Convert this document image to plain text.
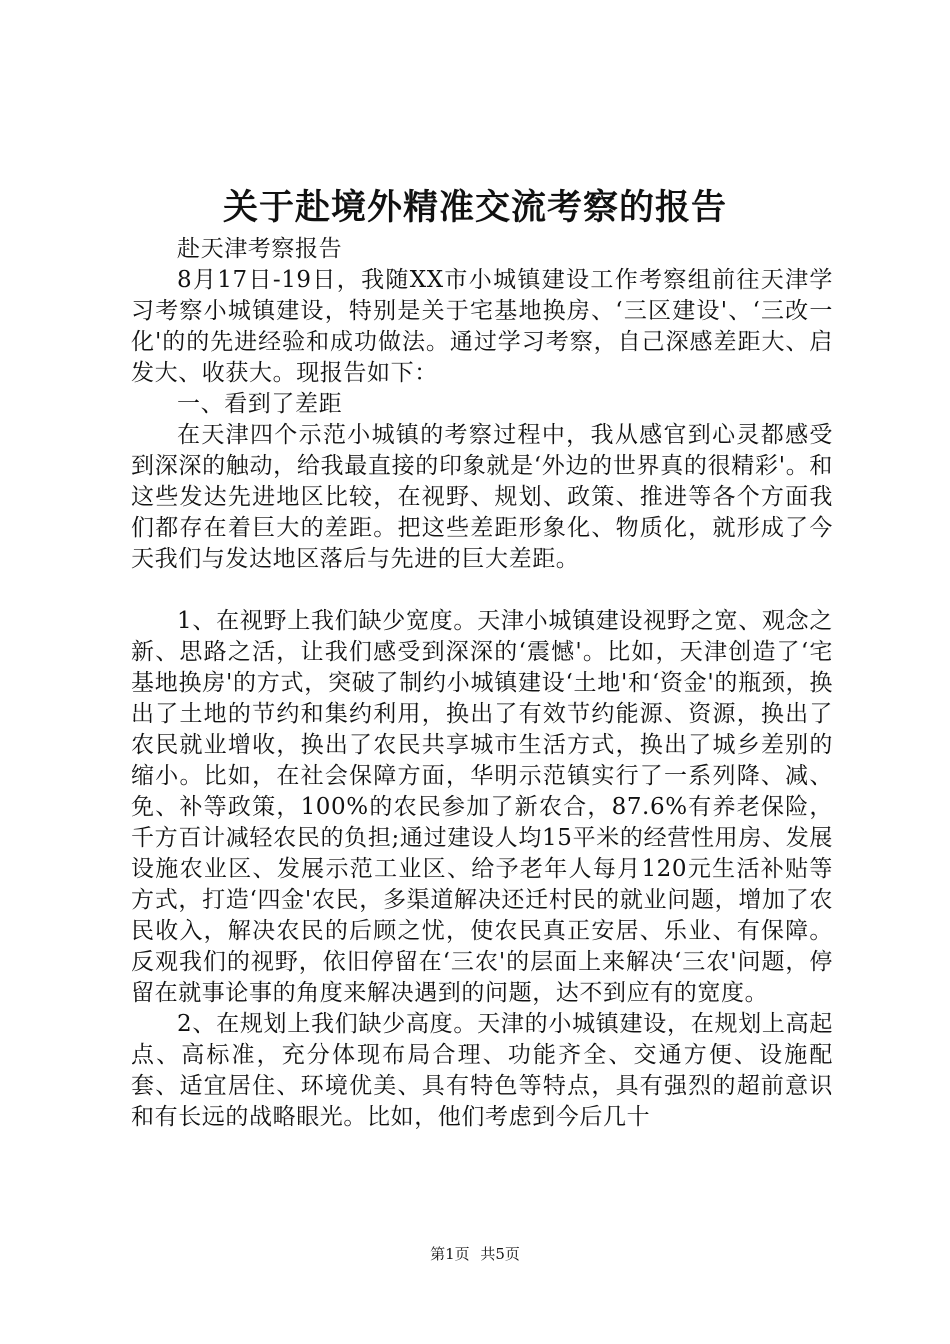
关于赴境外精准交流考察的报告

赴天津考察报告

8月17日-19日，我随XX市小城镇建设工作考察组前往天津学习考察小城镇建设，特别是关于宅基地换房、‘三区建设'、‘三改一化'的的先进经验和成功做法。通过学习考察，自己深感差距大、启发大、收获大。现报告如下：

一、看到了差距

在天津四个示范小城镇的考察过程中，我从感官到心灵都感受到深深的触动，给我最直接的印象就是‘外边的世界真的很精彩'。和这些发达先进地区比较，在视野、规划、政策、推进等各个方面我们都存在着巨大的差距。把这些差距形象化、物质化，就形成了今天我们与发达地区落后与先进的巨大差距。

1、在视野上我们缺少宽度。天津小城镇建设视野之宽、观念之新、思路之活，让我们感受到深深的‘震憾'。比如，天津创造了‘宅基地换房'的方式，突破了制约小城镇建设‘土地'和‘资金'的瓶颈，换出了土地的节约和集约利用，换出了有效节约能源、资源，换出了农民就业增收，换出了农民共享城市生活方式，换出了城乡差别的缩小。比如，在社会保障方面，华明示范镇实行了一系列降、减、免、补等政策，100%的农民参加了新农合，87.6%有养老保险，千方百计减轻农民的负担;通过建设人均15平米的经营性用房、发展设施农业区、发展示范工业区、给予老年人每月120元生活补贴等方式，打造‘四金'农民，多渠道解决还迁村民的就业问题，增加了农民收入，解决农民的后顾之忧，使农民真正安居、乐业、有保障。反观我们的视野，依旧停留在‘三农'的层面上来解决‘三农'问题，停留在就事论事的角度来解决遇到的问题，达不到应有的宽度。

2、在规划上我们缺少高度。天津的小城镇建设，在规划上高起点、高标准，充分体现布局合理、功能齐全、交通方便、设施配套、适宜居住、环境优美、具有特色等特点，具有强烈的超前意识和有长远的战略眼光。比如，他们考虑到今后几十

第1页 共5页
